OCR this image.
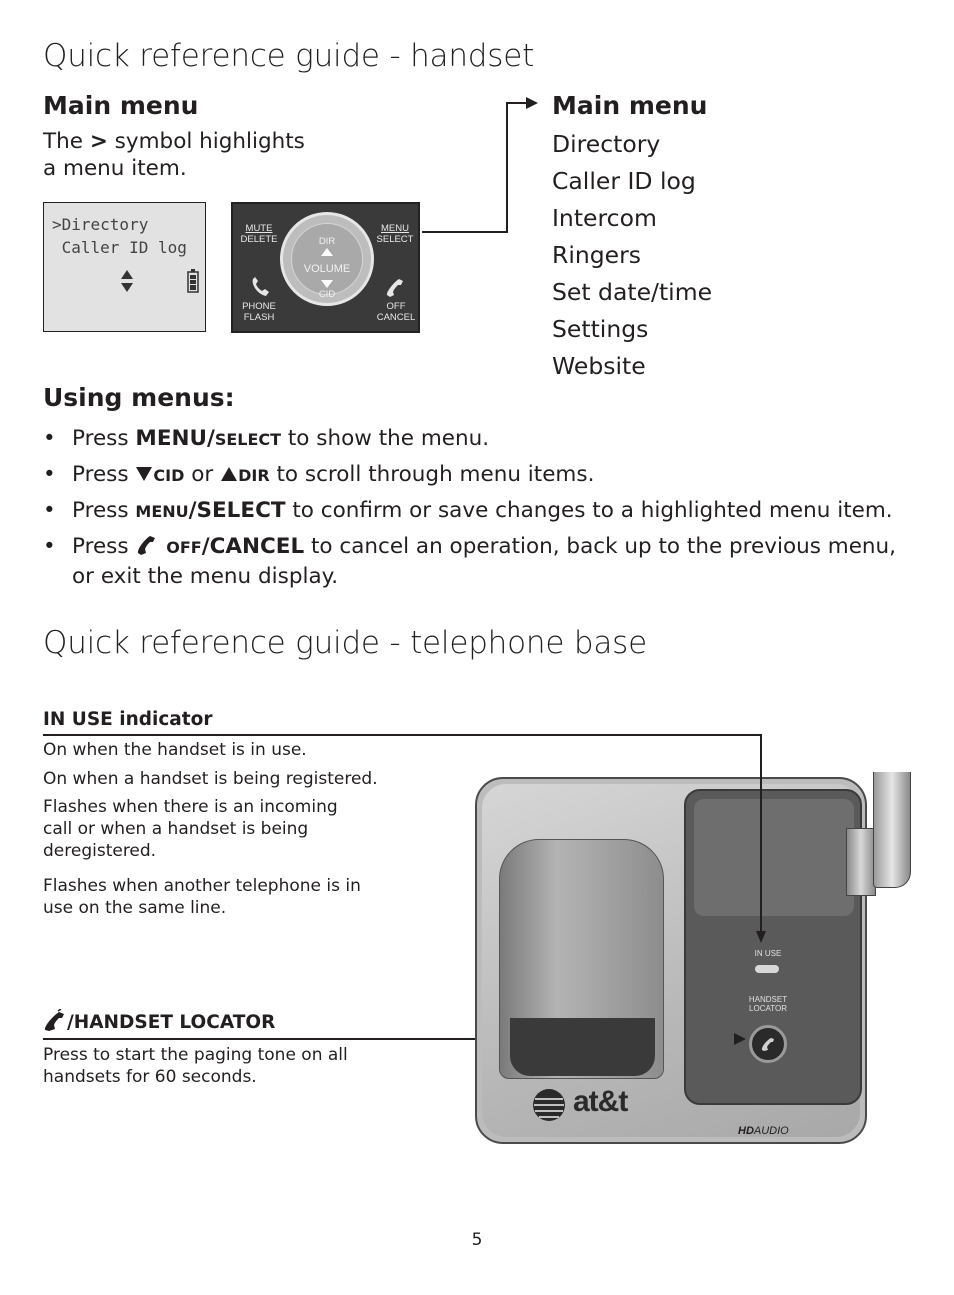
Quick reference guide - handset
Main menu
The > symbol highlights a menu item.
>Directory
Caller ID log
MUTE
DELETE
MENU
SELECT
DIR
VOLUME
CID
PHONE
FLASH
OFF
CANCEL
Main menu
Directory
Caller ID log
Intercom
Ringers
Set date/time
Settings
Website
Using menus:
• Press MENU/SELECT to show the menu.
• Press CID or DIR to scroll through menu items.
• Press MENU/SELECT to confirm or save changes to a highlighted menu item.
• Press  OFF/CANCEL to cancel an operation, back up to the previous menu, or exit the menu display.
Quick reference guide - telephone base
IN USE indicator
On when the handset is in use.
On when a handset is being registered.
Flashes when there is an incoming call or when a handset is being deregistered.
Flashes when another telephone is in use on the same line.
/HANDSET LOCATOR
Press to start the paging tone on all handsets for 60 seconds.
IN USE
HANDSET
LOCATOR
HDAUDIO
at&t
5
